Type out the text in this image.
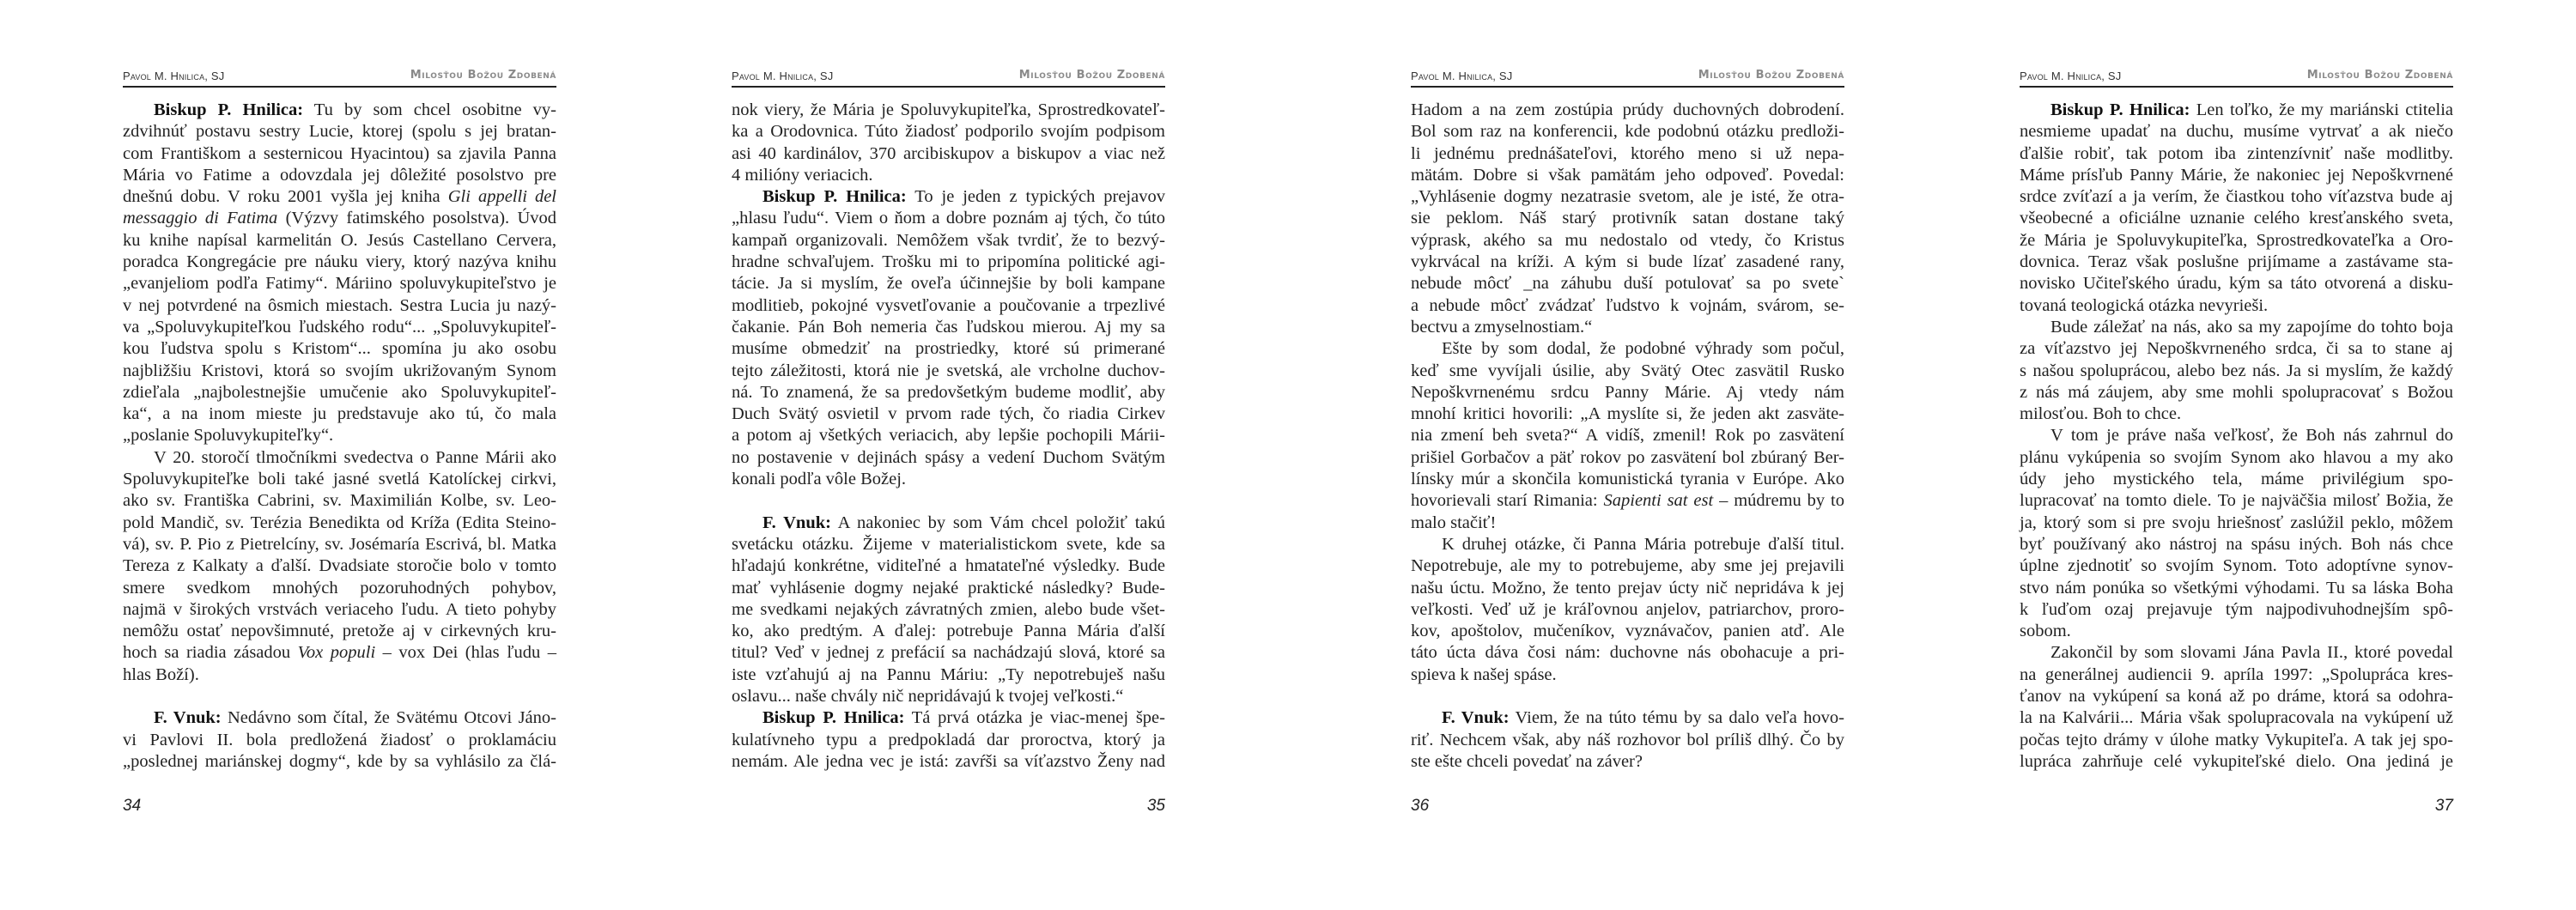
Pavol M. Hnilica, SJ	Milosťou Božou Zdobená
Biskup P. Hnilica: Tu by som chcel osobitne vy-
zdvihnúť postavu sestry Lucie, ktorej (spolu s jej bratan-
com Františkom a sesternicou Hyacintou) sa zjavila Panna
Mária vo Fatime a odovzdala jej dôležité posolstvo pre
dnešnú dobu. V roku 2001 vyšla jej kniha Gli appelli del
messaggio di Fatima (Výzvy fatimského posolstva). Úvod
ku knihe napísal karmelitán O. Jesús Castellano Cervera,
poradca Kongregácie pre náuku viery, ktorý nazýva knihu
„evanjeliom podľa Fatimy“. Máriino spoluvykupiteľstvo je
v nej potvrdené na ôsmich miestach. Sestra Lucia ju nazý-
va „Spoluvykupiteľkou ľudského rodu“... „Spoluvykupiteľ-
kou ľudstva spolu s Kristom“... spomína ju ako osobu
najbližšiu Kristovi, ktorá so svojím ukrižovaným Synom
zdieľala „najbolestnejšie umučenie ako Spoluvykupiteľ-
ka“, a na inom mieste ju predstavuje ako tú, čo mala
„poslanie Spoluvykupiteľky“.
V 20. storočí tlmočníkmi svedectva o Panne Márii ako
Spoluvykupiteľke boli také jasné svetlá Katolíckej cirkvi,
ako sv. Františka Cabrini, sv. Maximilián Kolbe, sv. Leo-
pold Mandič, sv. Terézia Benedikta od Kríža (Edita Steino-
vá), sv. P. Pio z Pietrelcíny, sv. Josémaría Escrivá, bl. Matka
Tereza z Kalkaty a ďalší. Dvadsiate storočie bolo v tomto
smere svedkom mnohých pozoruhodných pohybov,
najmä v širokých vrstvách veriaceho ľudu. A tieto pohyby
nemôžu ostať nepovšimnuté, pretože aj v cirkevných kru-
hoch sa riadia zásadou Vox populi – vox Dei (hlas ľudu –
hlas Boží).
F. Vnuk: Nedávno som čítal, že Svätému Otcovi Jáno-
vi Pavlovi II. bola predložená žiadosť o proklamáciu
„poslednej mariánskej dogmy“, kde by sa vyhlásilo za člá-
34
Pavol M. Hnilica, SJ	Milosťou Božou Zdobená
nok viery, že Mária je Spoluvykupiteľka, Sprostredkovateľ-
ka a Orodovnica. Túto žiadosť podporilo svojím podpisom
asi 40 kardinálov, 370 arcibiskupov a biskupov a viac než
4 milióny veriacich.
Biskup P. Hnilica: To je jeden z typických prejavov
„hlasu ľudu“. Viem o ňom a dobre poznám aj tých, čo túto
kampaň organizovali. Nemôžem však tvrdiť, že to bezvý-
hradne schvaľujem. Trošku mi to pripomína politické agi-
tácie. Ja si myslím, že oveľa účinnejšie by boli kampane
modlitieb, pokojné vysvetľovanie a poučovanie a trpezlivé
čakanie. Pán Boh nemeria čas ľudskou mierou. Aj my sa
musíme obmedziť na prostriedky, ktoré sú primerané
tejto záležitosti, ktorá nie je svetská, ale vrcholne duchov-
ná. To znamená, že sa predovšetkým budeme modliť, aby
Duch Svätý osvietil v prvom rade tých, čo riadia Cirkev
a potom aj všetkých veriacich, aby lepšie pochopili Márii-
no postavenie v dejinách spásy a vedení Duchom Svätým
konali podľa vôle Božej.
F. Vnuk: A nakoniec by som Vám chcel položiť takú
svetácku otázku. Žijeme v materialistickom svete, kde sa
hľadajú konkrétne, viditeľné a hmatateľné výsledky. Bude
mať vyhlásenie dogmy nejaké praktické následky? Bude-
me svedkami nejakých závratných zmien, alebo bude všet-
ko, ako predtým. A ďalej: potrebuje Panna Mária ďalší
titul? Veď v jednej z prefácií sa nachádzajú slová, ktoré sa
iste vzťahujú aj na Pannu Máriu: „Ty nepotrebuješ našu
oslavu... naše chvály nič nepridávajú k tvojej veľkosti.“
Biskup P. Hnilica: Tá prvá otázka je viac-menej špe-
kulatívneho typu a predpokladá dar proroctva, ktorý ja
nemám. Ale jedna vec je istá: zavŕši sa víťazstvo Ženy nad
35
Pavol M. Hnilica, SJ	Milosťou Božou Zdobená
Hadom a na zem zostúpia prúdy duchovných dobrodení.
Bol som raz na konferencii, kde podobnú otázku predloži-
li jednému prednášateľovi, ktorého meno si už nepa-
mätám. Dobre si však pamätám jeho odpoveď. Povedal:
„Vyhlásenie dogmy nezatrasie svetom, ale je isté, že otra-
sie peklom. Náš starý protivník satan dostane taký
výprask, akého sa mu nedostalo od vtedy, čo Kristus
vykrvácal na kríži. A kým si bude lízať zasadené rany,
nebude môcť _na záhubu duší potulovať sa po svete`
a nebude môcť zvádzať ľudstvo k vojnám, svárom, se-
bectvu a zmyselnostiam.“
Ešte by som dodal, že podobné výhrady som počul,
keď sme vyvíjali úsilie, aby Svätý Otec zasvätil Rusko
Nepoškvrnenému srdcu Panny Márie. Aj vtedy nám
mnohí kritici hovorili: „A myslíte si, že jeden akt zasväte-
nia zmení beh sveta?“ A vidíš, zmenil! Rok po zasvätení
prišiel Gorbačov a päť rokov po zasvätení bol zbúraný Ber-
línsky múr a skončila komunistická tyrania v Európe. Ako
hovorievali starí Rimania: Sapienti sat est – múdremu by to
malo stačiť!
K druhej otázke, či Panna Mária potrebuje ďalší titul.
Nepotrebuje, ale my to potrebujeme, aby sme jej prejavili
našu úctu. Možno, že tento prejav úcty nič nepridáva k jej
veľkosti. Veď už je kráľovnou anjelov, patriarchov, proro-
kov, apoštolov, mučeníkov, vyznávačov, panien atď. Ale
táto úcta dáva čosi nám: duchovne nás obohacuje a pri-
spieva k našej spáse.
F. Vnuk: Viem, že na túto tému by sa dalo veľa hovo-
riť. Nechcem však, aby náš rozhovor bol príliš dlhý. Čo by
ste ešte chceli povedať na záver?
36
Pavol M. Hnilica, SJ	Milosťou Božou Zdobená
Biskup P. Hnilica: Len toľko, že my mariánski ctitelia
nesmieme upadať na duchu, musíme vytrvať a ak niečo
ďalšie robiť, tak potom iba zintenzívniť naše modlitby.
Máme prísľub Panny Márie, že nakoniec jej Nepoškvrnené
srdce zvíťazí a ja verím, že čiastkou toho víťazstva bude aj
všeobecné a oficiálne uznanie celého kresťanského sveta,
že Mária je Spoluvykupiteľka, Sprostredkovateľka a Oro-
dovnica. Teraz však poslušne prijímame a zastávame sta-
novisko Učiteľského úradu, kým sa táto otvorená a disku-
tovaná teologická otázka nevyrieši.
Bude záležať na nás, ako sa my zapojíme do tohto boja
za víťazstvo jej Nepoškvrneného srdca, či sa to stane aj
s našou spoluprácou, alebo bez nás. Ja si myslím, že každý
z nás má záujem, aby sme mohli spolupracovať s Božou
milosťou. Boh to chce.
V tom je práve naša veľkosť, že Boh nás zahrnul do
plánu vykúpenia so svojím Synom ako hlavou a my ako
údy jeho mystického tela, máme privilégium spo-
lupracovať na tomto diele. To je najväčšia milosť Božia, že
ja, ktorý som si pre svoju hriešnosť zaslúžil peklo, môžem
byť používaný ako nástroj na spásu iných. Boh nás chce
úplne zjednotiť so svojím Synom. Toto adoptívne synov-
stvo nám ponúka so všetkými výhodami. Tu sa láska Boha
k ľuďom ozaj prejavuje tým najpodivuhodnejším spô-
sobom.
Zakončil by som slovami Jána Pavla II., ktoré povedal
na generálnej audiencii 9. apríla 1997: „Spolupráca kres-
ťanov na vykúpení sa koná až po dráme, ktorá sa odohra-
la na Kalvárii... Mária však spolupracovala na vykúpení už
počas tejto drámy v úlohe matky Vykupiteľa. A tak jej spo-
lupráca zahrňuje celé vykupiteľské dielo. Ona jediná je
37
